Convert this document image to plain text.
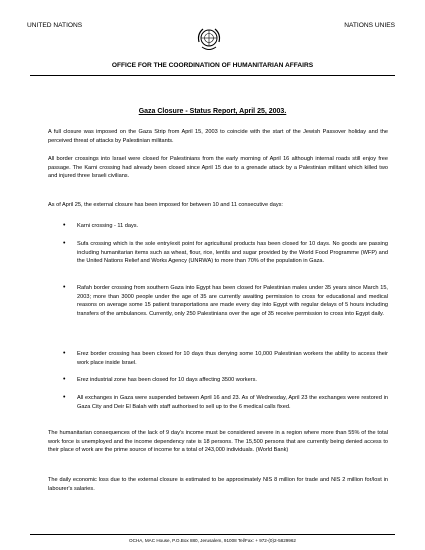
UNITED NATIONS	NATIONS UNIES
OFFICE FOR THE COORDINATION OF HUMANITARIAN AFFAIRS
Gaza Closure - Status Report, April 25, 2003.
A full closure was imposed on the Gaza Strip from April 15, 2003 to coincide with the start of the Jewish Passover holiday and the perceived threat of attacks by Palestinian militants.
All border crossings into Israel were closed for Palestinians from the early morning of April 16 although internal roads still enjoy free passage. The Karni crossing had already been closed since April 15 due to a grenade attack by a Palestinian militant which killed two and injured three Israeli civilians.
As of April 25, the external closure has been imposed for between 10 and 11 consecutive days:
• Karni crossing - 11 days.
• Sufa crossing which is the sole entry/exit point for agricultural products has been closed for 10 days. No goods are passing including humanitarian items such as wheat, flour, rice, lentils and sugar provided by the World Food Programme (WFP) and the United Nations Relief and Works Agency (UNRWA) to more than 70% of the population in Gaza.
• Rafah border crossing from southern Gaza into Egypt has been closed for Palestinian males under 35 years since March 15, 2003; more than 3000 people under the age of 35 are currently awaiting permission to cross for educational and medical reasons on average some 15 patient transportations are made every day into Egypt with regular delays of 5 hours including transfers of the ambulances. Currently, only 250 Palestinians over the age of 35 receive permission to cross into Egypt daily.
• Erez border crossing has been closed for 10 days thus denying some 10,000 Palestinian workers the ability to access their work place inside Israel.
• Erez industrial zone has been closed for 10 days affecting 3500 workers.
• All exchanges in Gaza were suspended between April 16 and 23. As of Wednesday, April 23 the exchanges were restored in Gaza City and Deir El Balah with staff authorised to sell up to the 6 medical calls fixed.
The humanitarian consequences of the lack of 9 day's income must be considered severe in a region where more than 55% of the total work force is unemployed and the income dependency rate is 18 persons. The 15,500 persons that are currently being denied access to their place of work are the prime source of income for a total of 243,000 individuals. (World Bank)
The daily economic loss due to the external closure is estimated to be approximately NIS 8 million for trade and NIS 2 million for/lost in labourer's salaries.
OCHA, MAC House, P.O.Box 880, Jerusalem, 91008 Tel/Fax: + 972-(0)2-5829962
